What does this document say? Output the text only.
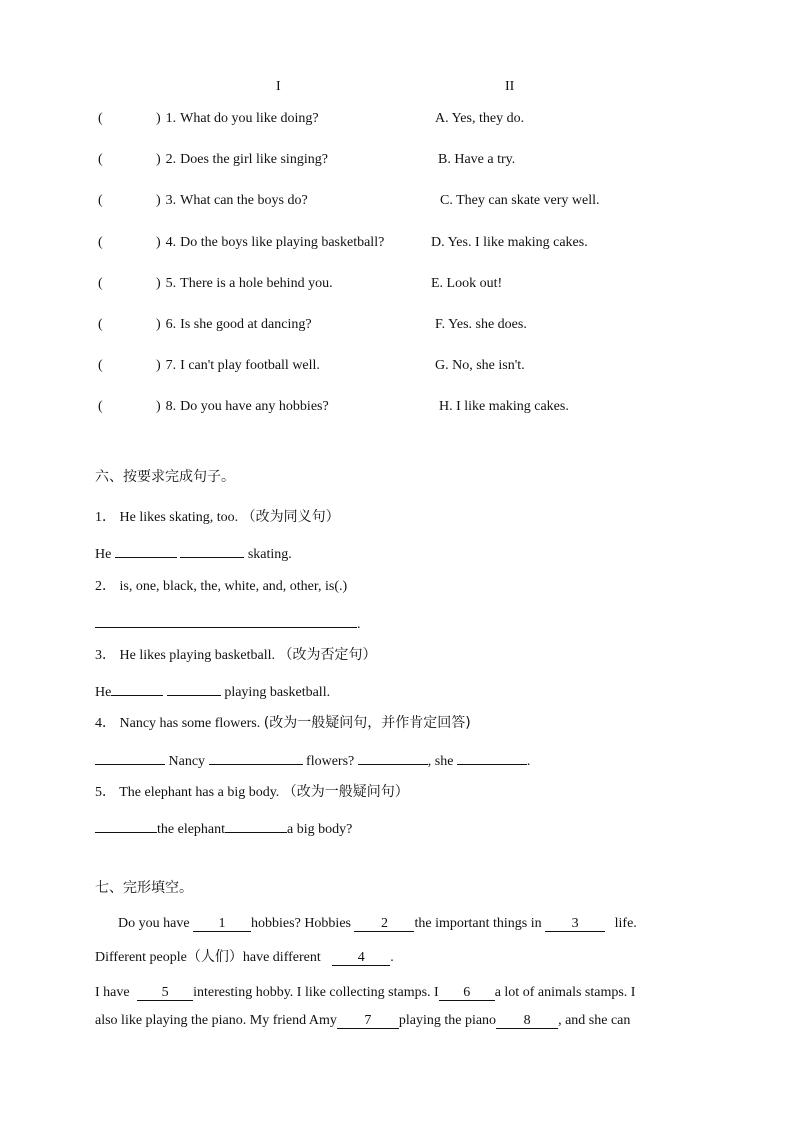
I	II
(	) 1. What do you like doing?	A. Yes, they do.
(	) 2. Does the girl like singing?	B. Have a try.
(	) 3. What can the boys do?	C. They can skate very well.
(	) 4. Do the boys like playing basketball?	D. Yes. I like making cakes.
(	) 5. There is a hole behind you.	E. Look out!
(	) 6. Is she good at dancing?	F. Yes. she does.
(	) 7. I can't play football well.	G. No, she isn't.
(	) 8. Do you have any hobbies?	H. I like making cakes.
六、按要求完成句子。
1． He likes skating, too. （改为同义句）
He	skating.
2． is, one, black, the, white, and, other, is(.)
.
3． He likes playing basketball. （改为否定句）
He	playing basketball.
4． Nancy has some flowers. (改为一般疑问句，并作肯定回答)
Nancy	flowers?	, she	.
5． The elephant has a big body. （改为一般疑问句）
the elephant	a big body?
七、完形填空。
Do you have 1 hobbies? Hobbies 2 the important things in 3	life.
Different people（人们）have different	4 .
I have 5 interesting hobby. I like collecting stamps. I 6 a lot of animals stamps. I
also like playing the piano. My friend Amy 7 playing the piano 8 , and she can
